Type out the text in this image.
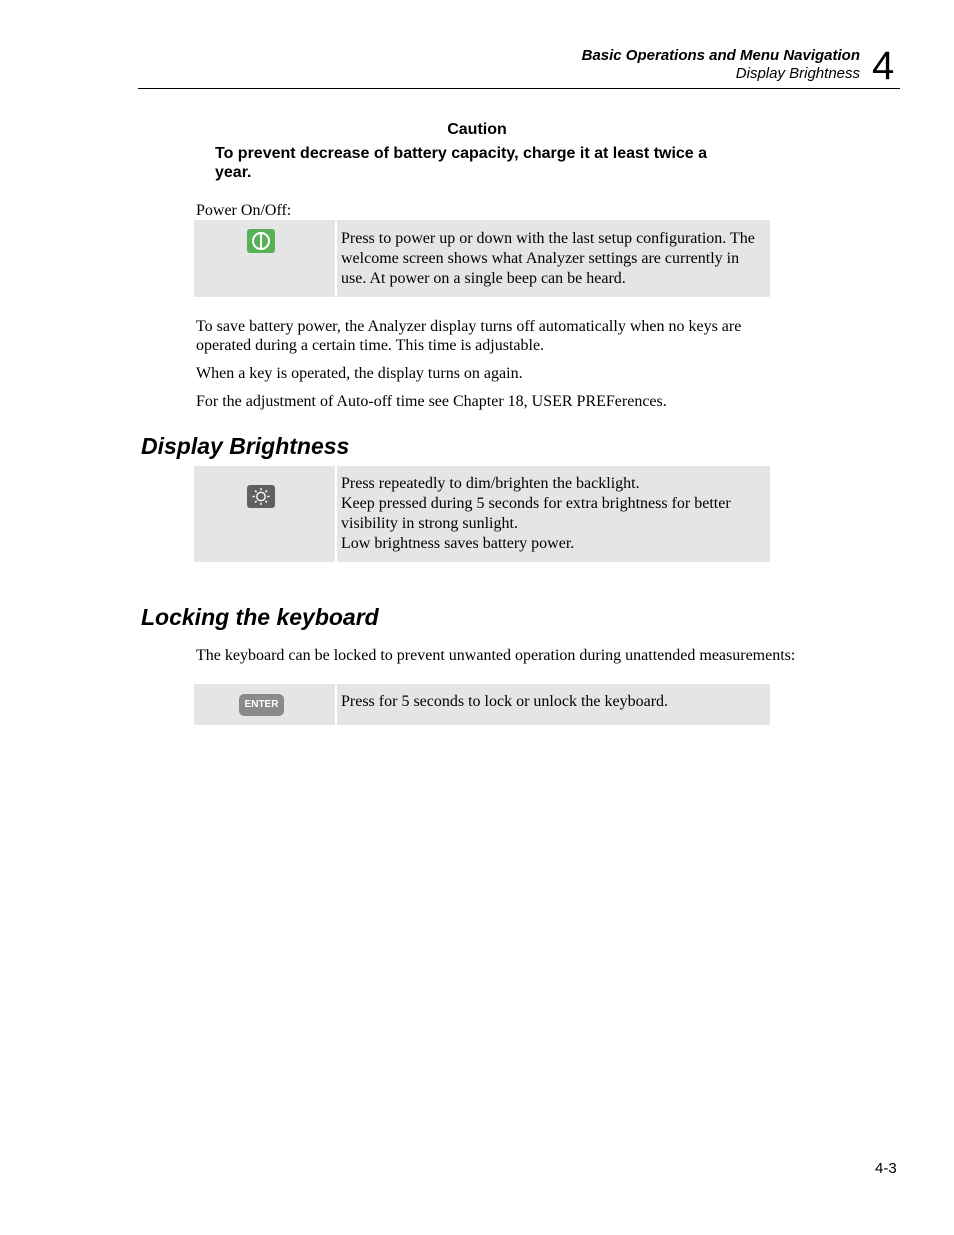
Basic Operations and Menu Navigation
Display Brightness 4
Caution
To prevent decrease of battery capacity, charge it at least twice a year.
Power On/Off:
Press to power up or down with the last setup configuration. The welcome screen shows what Analyzer settings are currently in use. At power on a single beep can be heard.
To save battery power, the Analyzer display turns off automatically when no keys are operated during a certain time. This time is adjustable.
When a key is operated, the display turns on again.
For the adjustment of Auto-off time see Chapter 18, USER PREFerences.
Display Brightness
Press repeatedly to dim/brighten the backlight.
Keep pressed during 5 seconds for extra brightness for better visibility in strong sunlight.
Low brightness saves battery power.
Locking the keyboard
The keyboard can be locked to prevent unwanted operation during unattended measurements:
ENTER	Press for 5 seconds to lock or unlock the keyboard.
4-3
